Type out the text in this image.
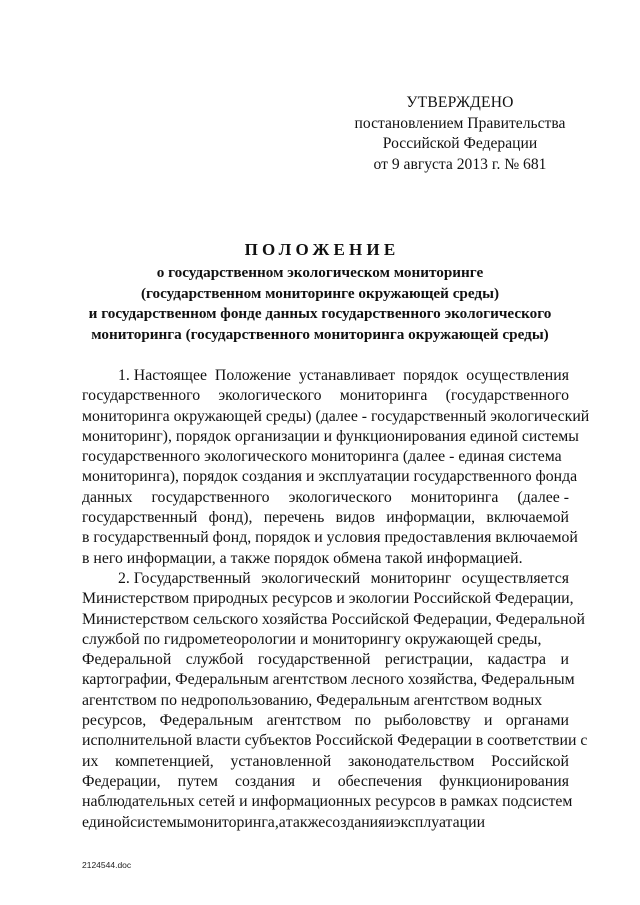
УТВЕРЖДЕНО
постановлением Правительства
Российской Федерации
от 9 августа 2013 г. № 681
ПОЛОЖЕНИЕ
о государственном экологическом мониторинге
(государственном мониторинге окружающей среды)
и государственном фонде данных государственного экологического
мониторинга (государственного мониторинга окружающей среды)
1. Настоящее Положение устанавливает порядок осуществления
государственного экологического мониторинга (государственного
мониторинга окружающей среды) (далее - государственный экологический
мониторинг), порядок организации и функционирования единой системы
государственного экологического мониторинга (далее - единая система
мониторинга), порядок создания и эксплуатации государственного фонда
данных государственного экологического мониторинга (далее -
государственный фонд), перечень видов информации, включаемой
в государственный фонд, порядок и условия предоставления включаемой
в него информации, а также порядок обмена такой информацией.
2. Государственный экологический мониторинг осуществляется
Министерством природных ресурсов и экологии Российской Федерации,
Министерством сельского хозяйства Российской Федерации, Федеральной
службой по гидрометеорологии и мониторингу окружающей среды,
Федеральной службой государственной регистрации, кадастра и
картографии, Федеральным агентством лесного хозяйства, Федеральным
агентством по недропользованию, Федеральным агентством водных
ресурсов, Федеральным агентством по рыболовству и органами
исполнительной власти субъектов Российской Федерации в соответствии с
их компетенцией, установленной законодательством Российской
Федерации, путем создания и обеспечения функционирования
наблюдательных сетей и информационных ресурсов в рамках подсистем
единой системы мониторинга, а также создания и эксплуатации
2124544.doc
